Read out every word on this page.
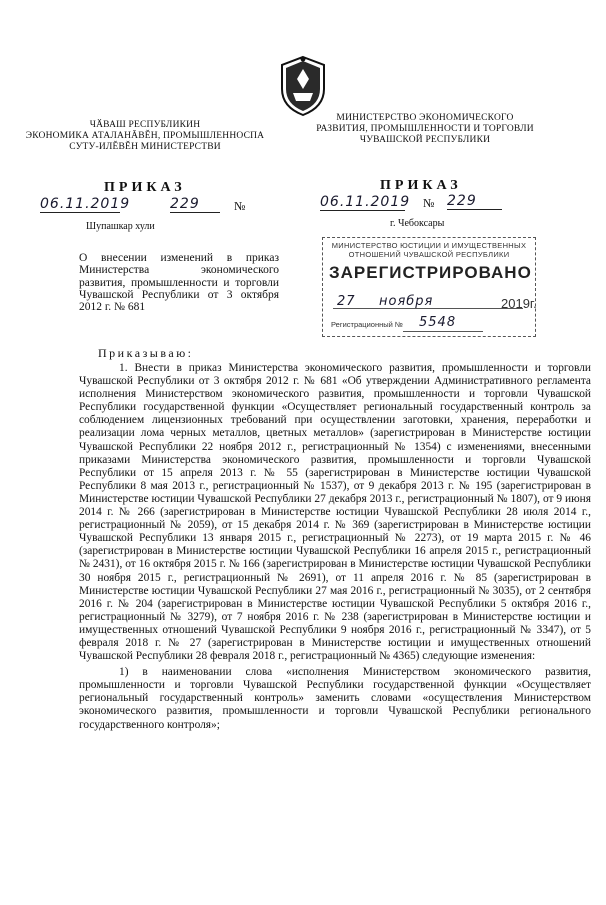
ЧӐВАШ РЕСПУБЛИКИН
ЭКОНОМИКА АТАЛАНĂВĚН, ПРОМЫШЛЕННОСПА
СУТУ-ИЛĚВĚН МИНИСТЕРСТВИ
МИНИСТЕРСТВО ЭКОНОМИЧЕСКОГО
РАЗВИТИЯ, ПРОМЫШЛЕННОСТИ И ТОРГОВЛИ
ЧУВАШСКОЙ РЕСПУБЛИКИ
ПРИКАЗ	ПРИКАЗ
06.11.2019	229	№	06.11.2019 № 229
Шупашкар хули	г. Чебоксары
МИНИСТЕРСТВО ЮСТИЦИИ И ИМУЩЕСТВЕННЫХ
ОТНОШЕНИЙ ЧУВАШСКОЙ РЕСПУБЛИКИ
ЗАРЕГИСТРИРОВАНО
27 ноября	2019г.
Регистрационный № 5548
О внесении изменений в приказ Министерства экономического развития, промышленности и торговли Чувашской Республики от 3 октября 2012 г. № 681
Приказываю:

1. Внести в приказ Министерства экономического развития, промышленности и торговли Чувашской Республики от 3 октября 2012 г. № 681 «Об утверждении Административного регламента исполнения Министерством экономического развития, промышленности и торговли Чувашской Республики государственной функции «Осуществляет региональный государственный контроль за соблюдением лицензионных требований при осуществлении заготовки, хранения, переработки и реализации лома черных металлов, цветных металлов» (зарегистрирован в Министерстве юстиции Чувашской Республики 22 ноября 2012 г., регистрационный № 1354) с изменениями, внесенными приказами Министерства экономического развития, промышленности и торговли Чувашской Республики от 15 апреля 2013 г. № 55 (зарегистрирован в Министерстве юстиции Чувашской Республики 8 мая 2013 г., регистрационный № 1537), от 9 декабря 2013 г. № 195 (зарегистрирован в Министерстве юстиции Чувашской Республики 27 декабря 2013 г., регистрационный № 1807), от 9 июня 2014 г. № 266 (зарегистрирован в Министерстве юстиции Чувашской Республики 28 июля 2014 г., регистрационный № 2059), от 15 декабря 2014 г. № 369 (зарегистрирован в Министерстве юстиции Чувашской Республики 13 января 2015 г., регистрационный № 2273), от 19 марта 2015 г. № 46 (зарегистрирован в Министерстве юстиции Чувашской Республики 16 апреля 2015 г., регистрационный № 2431), от 16 октября 2015 г. № 166 (зарегистрирован в Министерстве юстиции Чувашской Республики 30 ноября 2015 г., регистрационный № 2691), от 11 апреля 2016 г. № 85 (зарегистрирован в Министерстве юстиции Чувашской Республики 27 мая 2016 г., регистрационный № 3035), от 2 сентября 2016 г. № 204 (зарегистрирован в Министерстве юстиции Чувашской Республики 5 октября 2016 г., регистрационный № 3279), от 7 ноября 2016 г. № 238 (зарегистрирован в Министерстве юстиции и имущественных отношений Чувашской Республики 9 ноября 2016 г., регистрационный № 3347), от 5 февраля 2018 г. № 27 (зарегистрирован в Министерстве юстиции и имущественных отношений Чувашской Республики 28 февраля 2018 г., регистрационный № 4365) следующие изменения:

1) в наименовании слова «исполнения Министерством экономического развития, промышленности и торговли Чувашской Республики государственной функции «Осуществляет региональный государственный контроль» заменить словами «осуществления Министерством экономического развития, промышленности и торговли Чувашской Республики регионального государственного контроля»;
